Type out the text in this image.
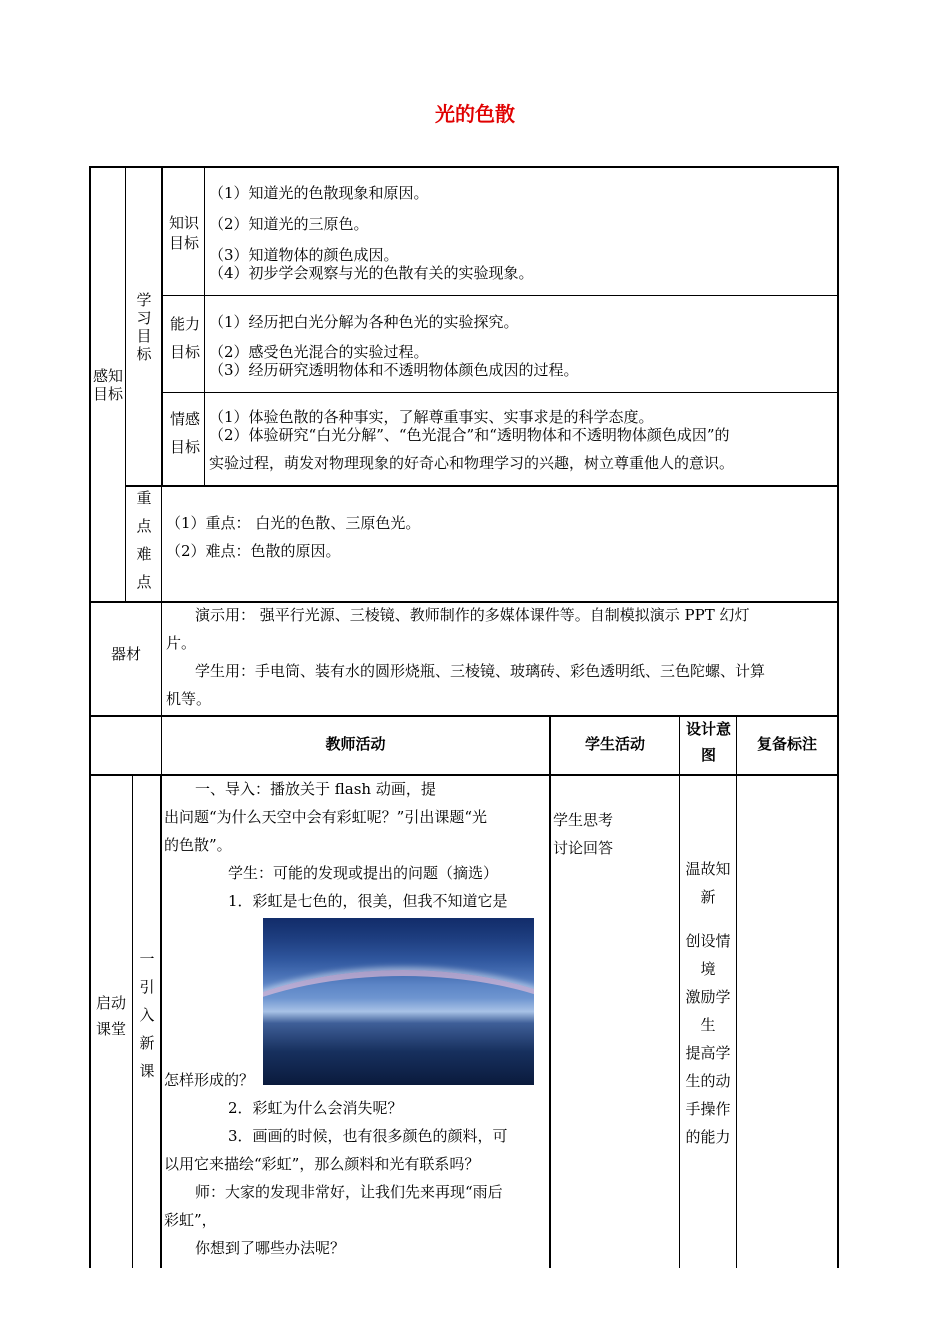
光的色散
感知目标
学习目标
知识目标
（1）知道光的色散现象和原因。
（2）知道光的三原色。
（3）知道物体的颜色成因。
（4）初步学会观察与光的色散有关的实验现象。
能力目标
（1）经历把白光分解为各种色光的实验探究。
（2）感受色光混合的实验过程。
（3）经历研究透明物体和不透明物体颜色成因的过程。
情感目标
（1）体验色散的各种事实，了解尊重事实、实事求是的科学态度。
（2）体验研究“白光分解”、“色光混合”和“透明物体和不透明物体颜色成因”的
实验过程，萌发对物理现象的好奇心和物理学习的兴趣，树立尊重他人的意识。
重点难点
（1）重点： 白光的色散、三原色光。
（2）难点：色散的原因。
器材
演示用： 强平行光源、三棱镜、教师制作的多媒体课件等。自制模拟演示 PPT 幻灯
片。
学生用：手电筒、装有水的圆形烧瓶、三棱镜、玻璃砖、彩色透明纸、三色陀螺、计算
机等。
教师活动	学生活动
设计意图
复备标注
启动课堂
一引入新课
一、导入：播放关于 flash 动画，提
出问题“为什么天空中会有彩虹呢？”引出课题“光
的色散”。
学生：可能的发现或提出的问题（摘选）
1．彩虹是七色的，很美，但我不知道它是
怎样形成的？
2．彩虹为什么会消失呢？
3．画画的时候，也有很多颜色的颜料，可
以用它来描绘“彩虹”，那么颜料和光有联系吗？
师：大家的发现非常好，让我们先来再现“雨后
彩虹”，
你想到了哪些办法呢？
学生思考
讨论回答
温故知
新
创设情
境
激励学
生
提高学
生的动
手操作
的能力
